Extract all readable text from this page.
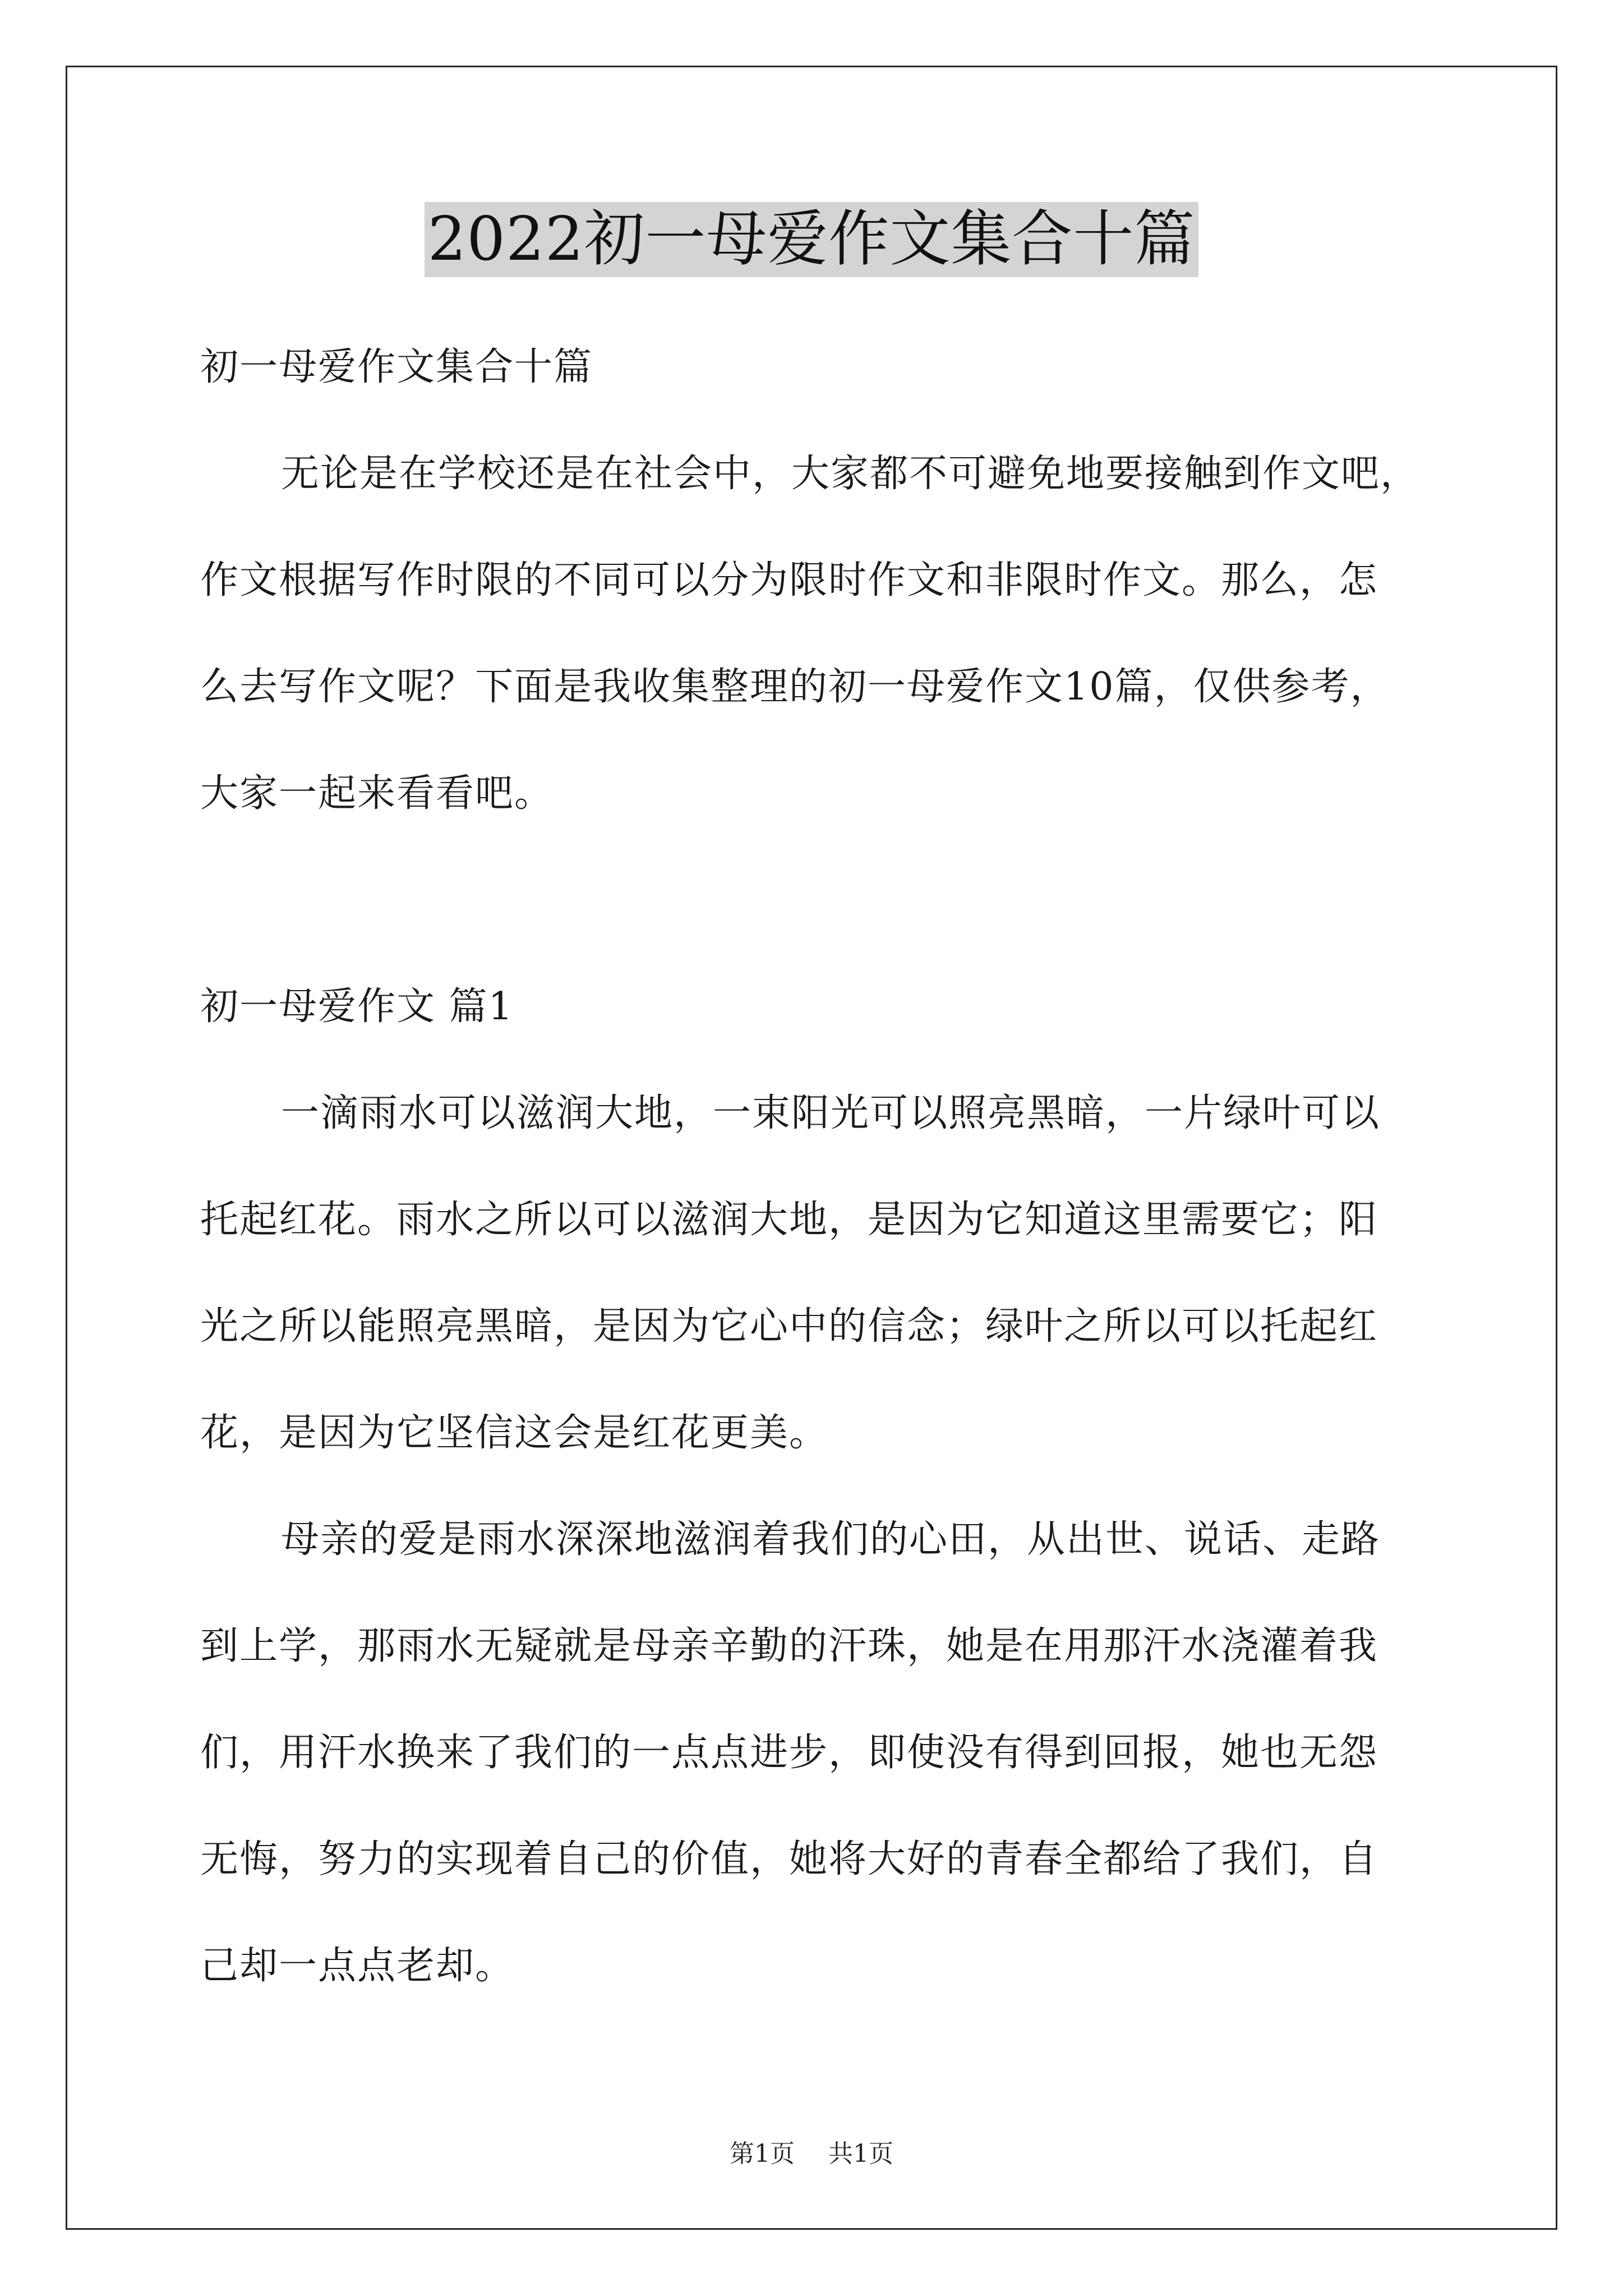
2022初一母爱作文集合十篇
初一母爱作文集合十篇
无论是在学校还是在社会中，大家都不可避免地要接触到作文吧，
作文根据写作时限的不同可以分为限时作文和非限时作文。那么，怎
么去写作文呢？下面是我收集整理的初一母爱作文10篇，仅供参考，
大家一起来看看吧。
初一母爱作文 篇1
一滴雨水可以滋润大地，一束阳光可以照亮黑暗，一片绿叶可以
托起红花。雨水之所以可以滋润大地，是因为它知道这里需要它；阳
光之所以能照亮黑暗，是因为它心中的信念；绿叶之所以可以托起红
花，是因为它坚信这会是红花更美。
母亲的爱是雨水深深地滋润着我们的心田，从出世、说话、走路
到上学，那雨水无疑就是母亲辛勤的汗珠，她是在用那汗水浇灌着我
们，用汗水换来了我们的一点点进步，即使没有得到回报，她也无怨
无悔，努力的实现着自己的价值，她将大好的青春全都给了我们，自
己却一点点老却。
第1页 共1页
